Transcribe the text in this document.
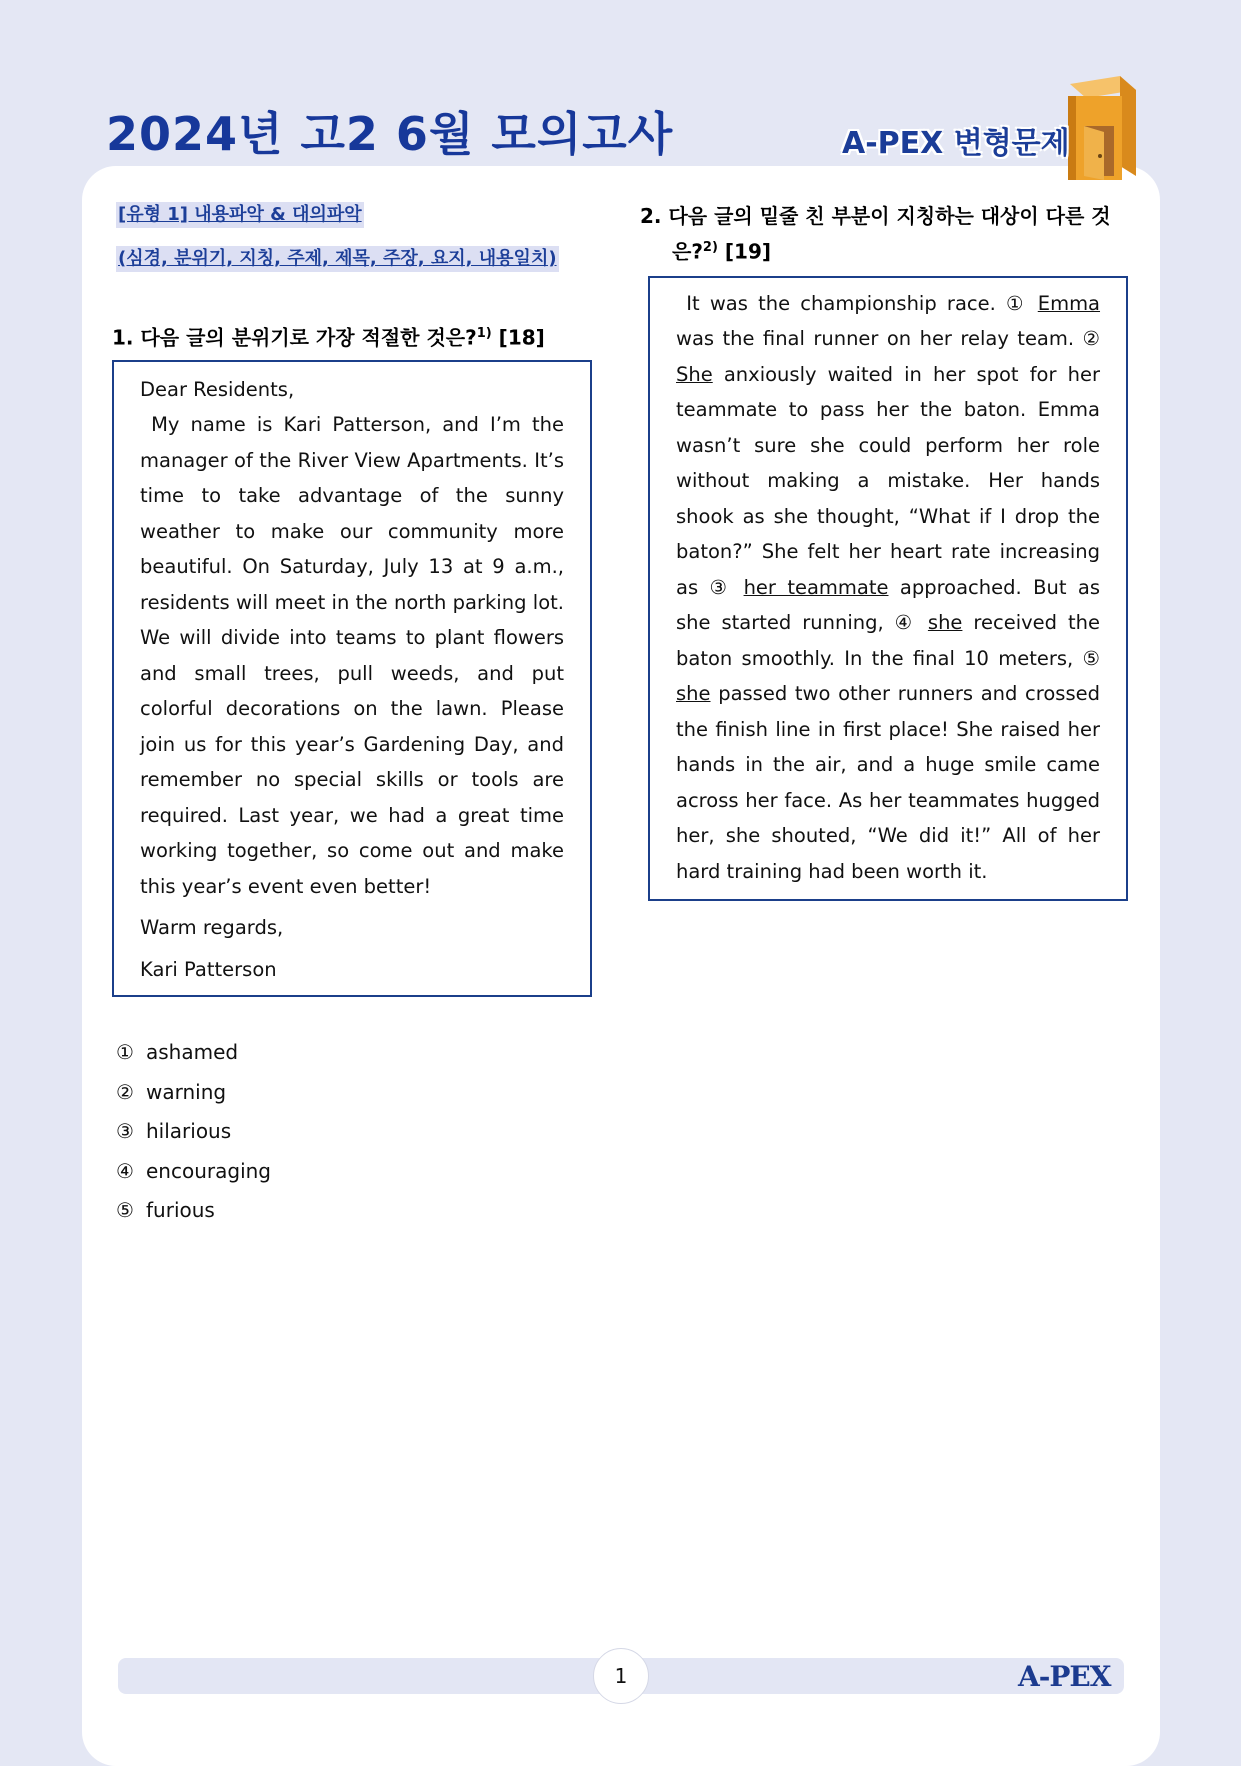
2024년 고2 6월 모의고사	A-PEX 변형문제
[유형 1] 내용파악 & 대의파악
(심경, 분위기, 지칭, 주제, 제목, 주장, 요지, 내용일치)

1. 다음 글의 분위기로 가장 적절한 것은?$^{1)}$ [18]

Dear Residents,

My name is Kari Patterson, and I’m the manager of the River View Apartments. It’s time to take advantage of the sunny weather to make our community more beautiful. On Saturday, July 13 at 9 a.m., residents will meet in the north parking lot. We will divide into teams to plant flowers and small trees, pull weeds, and put colorful decorations on the lawn. Please join us for this year’s Gardening Day, and remember no special skills or tools are required. Last year, we had a great time working together, so come out and make this year’s event even better!

Warm regards,

Kari Patterson

① ashamed
② warning
③ hilarious
④ encouraging
⑤ furious

2. 다음 글의 밑줄 친 부분이 지칭하는 대상이 다른 것은?$^{2)}$ [19]

It was the championship race. ① Emma was the final runner on her relay team. ② She anxiously waited in her spot for her teammate to pass her the baton. Emma wasn’t sure she could perform her role without making a mistake. Her hands shook as she thought, “What if I drop the baton?” She felt her heart rate increasing as ③ her teammate approached. But as she started running, ④ she received the baton smoothly. In the final 10 meters, ⑤ she passed two other runners and crossed the finish line in first place! She raised her hands in the air, and a huge smile came across her face. As her teammates hugged her, she shouted, “We did it!” All of her hard training had been worth it.

1	A-PEX
